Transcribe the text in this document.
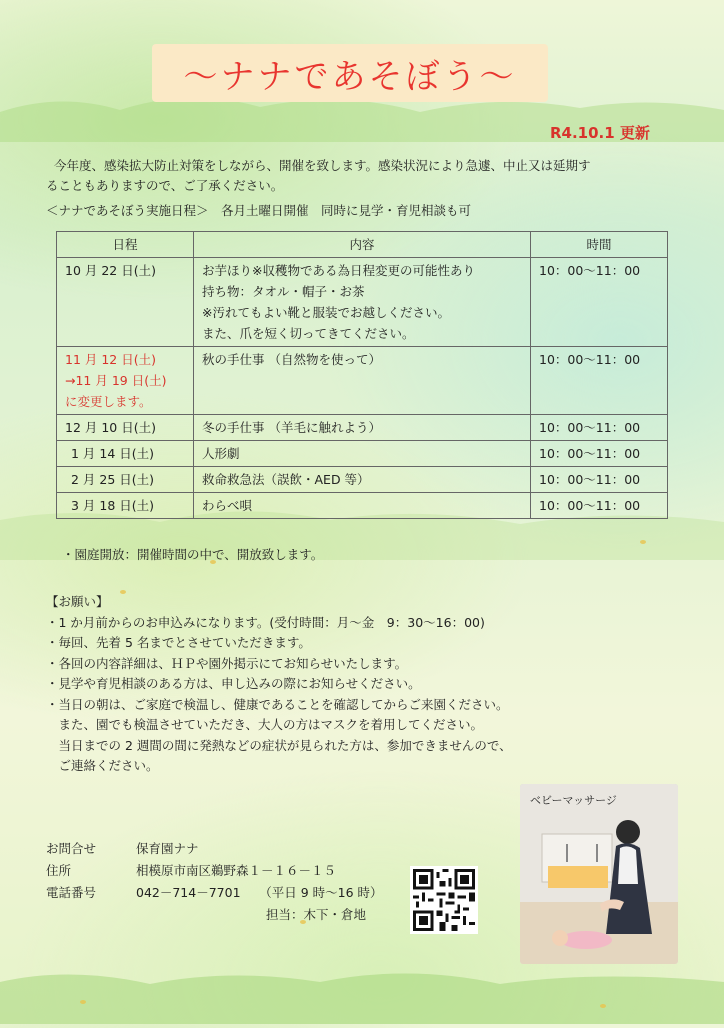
～ナナであそぼう～
R4.10.1 更新

今年度、感染拡大防止対策をしながら、開催を致します。感染状況により急遽、中止又は延期す

ることもありますので、ご了承ください。

＜ナナであそぼう実施日程＞　各月土曜日開催　同時に見学・育児相談も可
日程	内容	時間

10 月 22 日(土)	お芋ほり※収穫物である為日程変更の可能性あり
持ち物：タオル・帽子・お茶
※汚れてもよい靴と服装でお越しください。
また、爪を短く切ってきてください。	10：00～11：00

11 月 12 日(土)
→11 月 19 日(土)
に変更します。	秋の手仕事 （自然物を使って）	10：00～11：00
12 月 10 日(土)	冬の手仕事 （羊毛に触れよう）	10：00～11：00
1 月 14 日(土)	人形劇	10：00～11：00
2 月 25 日(土)	救命救急法（誤飲・AED 等）	10：00～11：00
3 月 18 日(土)	わらべ唄	10：00～11：00
・園庭開放：開催時間の中で、開放致します。
【お願い】
・1 か月前からのお申込みになります。(受付時間：月～金　9：30～16：00)
・毎回、先着 5 名までとさせていただきます。
・各回の内容詳細は、ＨＰや園外掲示にてお知らせいたします。
・見学や育児相談のある方は、申し込みの際にお知らせください。
・当日の朝は、ご家庭で検温し、健康であることを確認してからご来園ください。
　また、園でも検温させていただき、大人の方はマスクを着用してください。
　当日までの 2 週間の間に発熱などの症状が見られた方は、参加できませんので、
　ご連絡ください。
お問合せ	保育園ナナ
住所	相模原市南区鵜野森１－１６－１５
電話番号	042－714－7701　　（平日 9 時～16 時）
担当：木下・倉地
ベビーマッサージ
